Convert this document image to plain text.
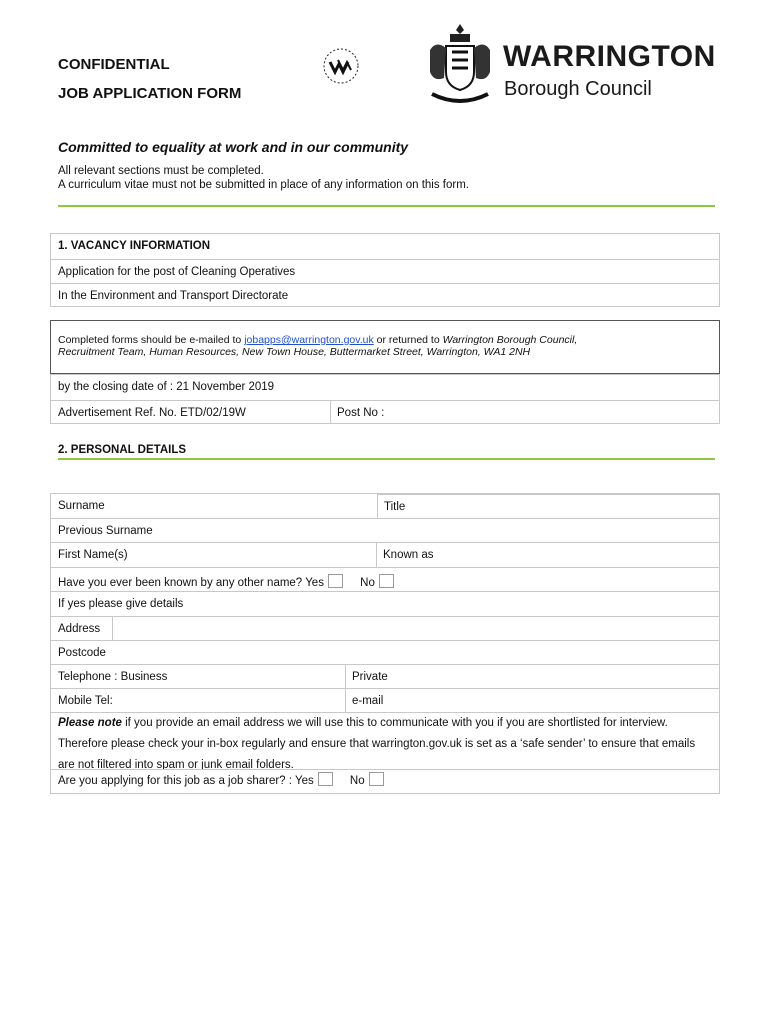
CONFIDENTIAL
JOB APPLICATION FORM
~~~~
WARRINGTON
Borough Council
Committed to equality at work and in our community
All relevant sections must be completed.
A curriculum vitae must not be submitted in place of any information on this form.
1. VACANCY INFORMATION
Application for the post of Cleaning Operatives
In the Environment and Transport Directorate
Completed forms should be e-mailed to jobapps@warrington.gov.uk or returned to Warrington Borough Council,
Recruitment Team, Human Resources, New Town House, Buttermarket Street, Warrington, WA1 2NH
by the closing date of : 21 November 2019
Advertisement Ref. No. ETD/02/19W	Post No :
2. PERSONAL DETAILS
Surname	Title
Previous Surname
First Name(s)	Known as
Have you ever been known by any other name? Yes	No
If yes please give details
Address
Postcode
Telephone : Business	Private
Mobile Tel:	e-mail
Please note if you provide an email address we will use this to communicate with you if you are shortlisted for interview. Therefore please check your in-box regularly and ensure that warrington.gov.uk is set as a ‘safe sender’ to ensure that emails are not filtered into spam or junk email folders.
Are you applying for this job as a job sharer? : Yes	No
